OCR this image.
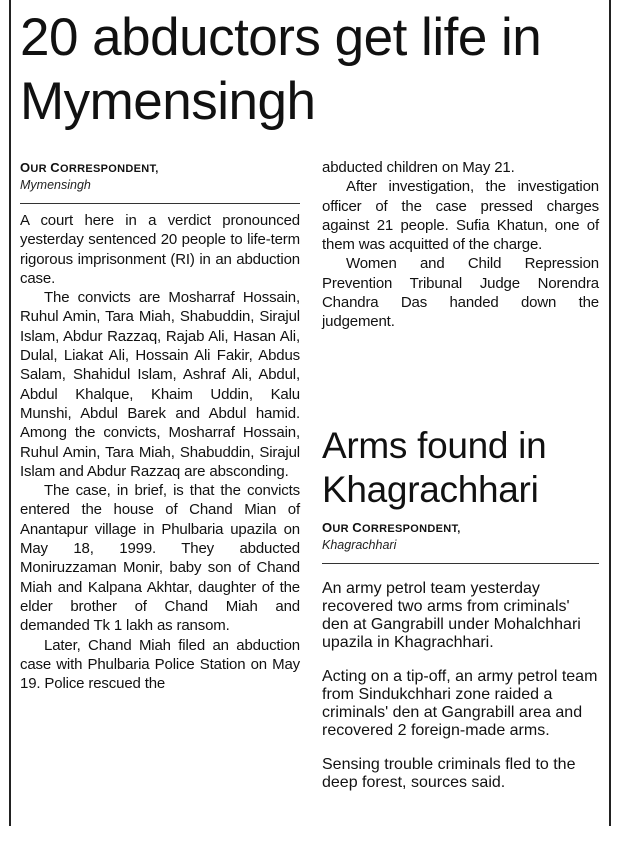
20 abductors get life in Mymensingh

OUR CORRESPONDENT,

Mymensingh

A court here in a verdict pronounced yesterday sentenced 20 people to life-term rigorous imprisonment (RI) in an abduction case.

The convicts are Mosharraf Hossain, Ruhul Amin, Tara Miah, Shabuddin, Sirajul Islam, Abdur Razzaq, Rajab Ali, Hasan Ali, Dulal, Liakat Ali, Hossain Ali Fakir, Abdus Salam, Shahidul Islam, Ashraf Ali, Abdul, Abdul Khalque, Khaim Uddin, Kalu Munshi, Abdul Barek and Abdul hamid. Among the convicts, Mosharraf Hossain, Ruhul Amin, Tara Miah, Shabuddin, Sirajul Islam and Abdur Razzaq are absconding.

The case, in brief, is that the convicts entered the house of Chand Mian of Anantapur village in Phulbaria upazila on May 18, 1999. They abducted Moniruzzaman Monir, baby son of Chand Miah and Kalpana Akhtar, daughter of the elder brother of Chand Miah and demanded Tk 1 lakh as ransom.

Later, Chand Miah filed an abduction case with Phulbaria Police Station on May 19. Police rescued the

abducted children on May 21.

After investigation, the investigation officer of the case pressed charges against 21 people. Sufia Khatun, one of them was acquitted of the charge.

Women and Child Repression Prevention Tribunal Judge Norendra Chandra Das handed down the judgement.

Arms found in Khagrachhari

OUR CORRESPONDENT,

Khagrachhari

An army petrol team yesterday recovered two arms from criminals' den at Gangrabill under Mohalchhari upazila in Khagrachhari.

Acting on a tip-off, an army petrol team from Sindukchhari zone raided a criminals' den at Gangrabill area and recovered 2 foreign-made arms.

Sensing trouble criminals fled to the deep forest, sources said.
